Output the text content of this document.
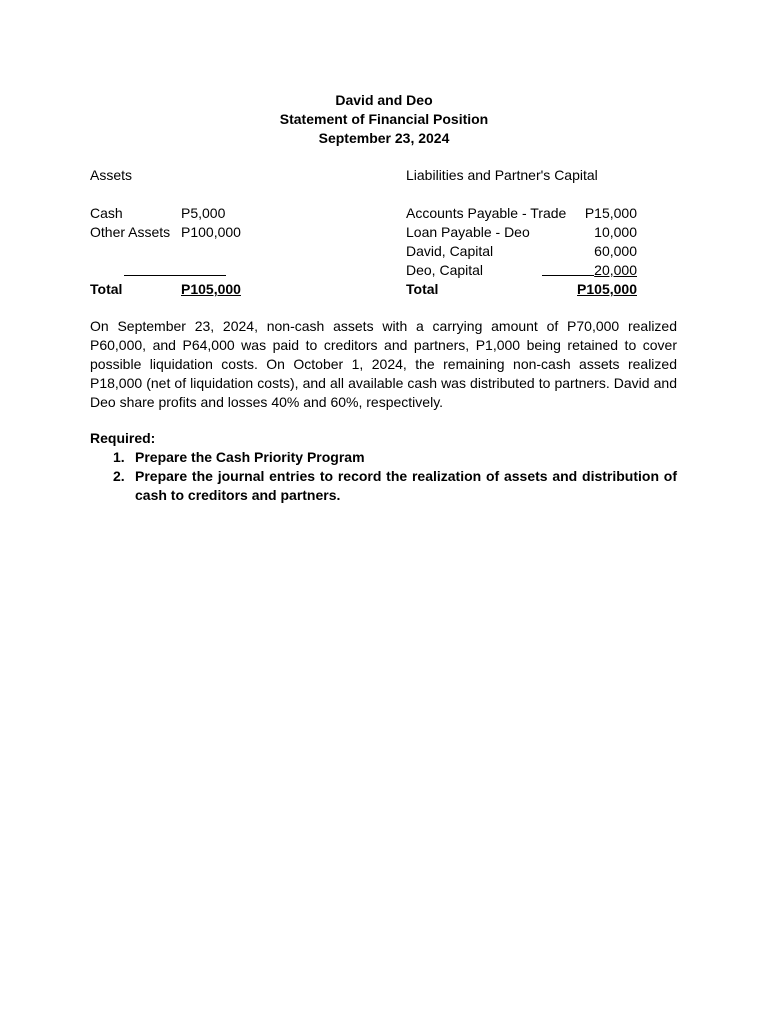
David and Deo
Statement of Financial Position
September 23, 2024
Assets	Liabilities and Partner's Capital
Cash	P5,000
Other Assets P100,000
Accounts Payable - Trade P15,000
Loan Payable - Deo	10,000
David, Capital	60,000
Deo, Capital	20,000
Total	P105,000	Total	P105,000

On September 23, 2024, non-cash assets with a carrying amount of P70,000 realized P60,000, and P64,000 was paid to creditors and partners, P1,000 being retained to cover possible liquidation costs. On October 1, 2024, the remaining non-cash assets realized P18,000 (net of liquidation costs), and all available cash was distributed to partners. David and Deo share profits and losses 40% and 60%, respectively.

Required:
1. Prepare the Cash Priority Program
2. Prepare the journal entries to record the realization of assets and distribution of cash to creditors and partners.
